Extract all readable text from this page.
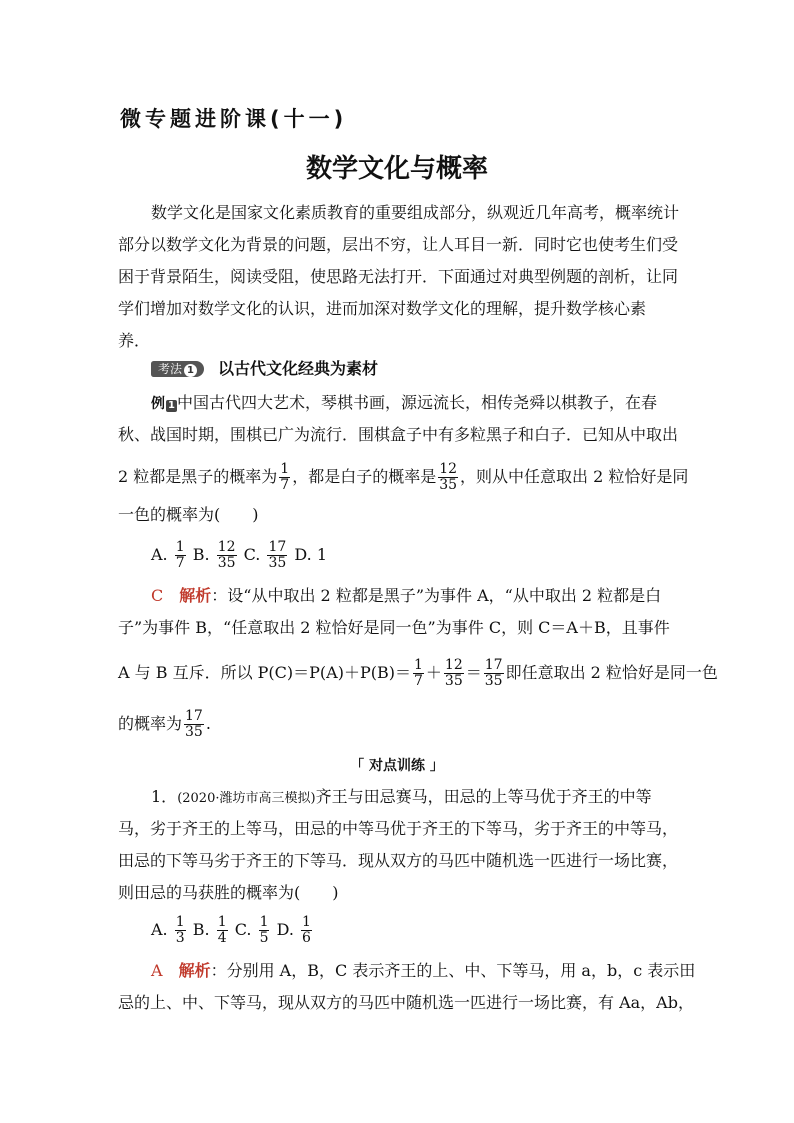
微专题进阶课(十一)
数学文化与概率
数学文化是国家文化素质教育的重要组成部分，纵观近几年高考，概率统计
部分以数学文化为背景的问题，层出不穷，让人耳目一新．同时它也使考生们受
困于背景陌生，阅读受阻，使思路无法打开．下面通过对典型例题的剖析，让同
学们增加对数学文化的认识，进而加深对数学文化的理解，提升数学核心素
养．
考法 1 以古代文化经典为素材
例 1 中国古代四大艺术，琴棋书画，源远流长，相传尧舜以棋教子，在春
秋、战国时期，围棋已广为流行．围棋盒子中有多粒黑子和白子．已知从中取出
2 粒都是黑子的概率为 $\frac{1}{7}$ ，都是白子的概率是 $\frac{12}{35}$ ，则从中任意取出 2 粒恰好是同
一色的概率为(　　)
A. $\frac{1}{7} B$. $\frac{12}{35} C$. $\frac{17}{35} D$. 1
C　 解析：设“从中取出 2 粒都是黑子”为事件 A，“从中取出 2 粒都是白
子”为事件 B，“任意取出 2 粒恰好是同一色”为事件 C，则 C＝A＋B，且事件
A 与 B 互斥．所以 $P(C)=P(A)+P(B)= \frac{1}{7} + \frac{12}{35} = \frac{17}{35}$ 即任意取出 2 粒恰好是同一色
的概率为 $\frac{17}{35}$ .
「 对点训练 」
1．(2020·潍坊市高三模拟)齐王与田忌赛马，田忌的上等马优于齐王的中等
马，劣于齐王的上等马，田忌的中等马优于齐王的下等马，劣于齐王的中等马，
田忌的下等马劣于齐王的下等马．现从双方的马匹中随机选一匹进行一场比赛，
则田忌的马获胜的概率为(　　)
A. $\frac{1}{3} B$. $\frac{1}{4} C$. $\frac{1}{5} D$. $\frac{1}{6}$
A　 解析：分别用 A，B，C 表示齐王的上、中、下等马，用 a，b，c 表示田
忌的上、中、下等马，现从双方的马匹中随机选一匹进行一场比赛，有 Aa，Ab，
